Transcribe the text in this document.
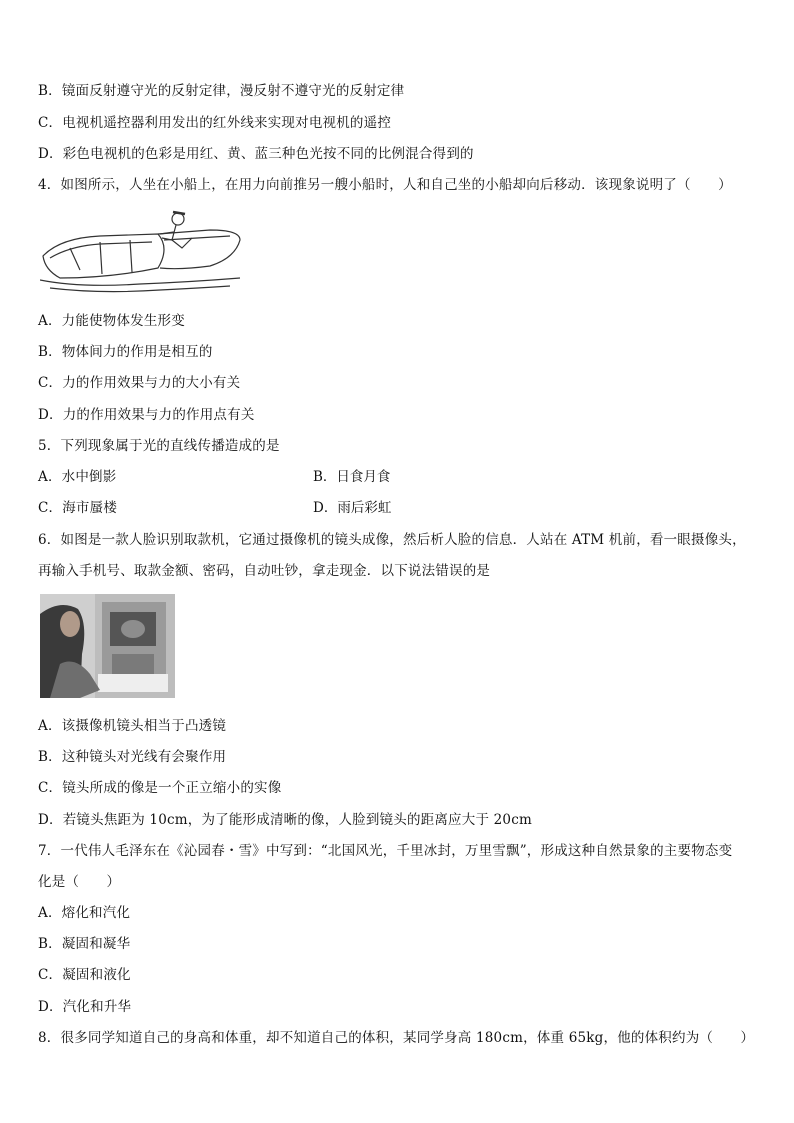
B．镜面反射遵守光的反射定律，漫反射不遵守光的反射定律
C．电视机遥控器利用发出的红外线来实现对电视机的遥控
D．彩色电视机的色彩是用红、黄、蓝三种色光按不同的比例混合得到的
4．如图所示，人坐在小船上，在用力向前推另一艘小船时，人和自己坐的小船却向后移动．该现象说明了（　　）
A．力能使物体发生形变
B．物体间力的作用是相互的
C．力的作用效果与力的大小有关
D．力的作用效果与力的作用点有关
5．下列现象属于光的直线传播造成的是
A．水中倒影	B．日食月食
C．海市蜃楼	D．雨后彩虹
6．如图是一款人脸识别取款机，它通过摄像机的镜头成像，然后析人脸的信息．人站在 ATM 机前，看一眼摄像头，
再输入手机号、取款金额、密码，自动吐钞，拿走现金．以下说法错误的是
A．该摄像机镜头相当于凸透镜
B．这种镜头对光线有会聚作用
C．镜头所成的像是一个正立缩小的实像
D．若镜头焦距为 10cm，为了能形成清晰的像，人脸到镜头的距离应大于 20cm
7．一代伟人毛泽东在《沁园春・雪》中写到：“北国风光，千里冰封，万里雪飘”，形成这种自然景象的主要物态变
化是（　　）
A．熔化和汽化
B．凝固和凝华
C．凝固和液化
D．汽化和升华
8．很多同学知道自己的身高和体重，却不知道自己的体积，某同学身高 180cm，体重 65kg，他的体积约为（　　）
